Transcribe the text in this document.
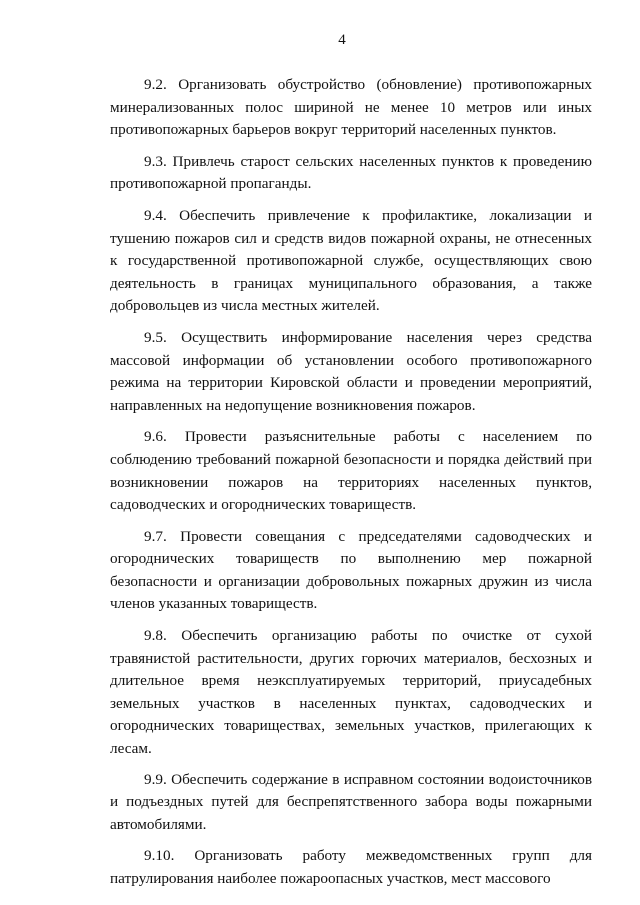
4

9.2. Организовать обустройство (обновление) противопожарных минерализованных полос шириной не менее 10 метров или иных противопожарных барьеров вокруг территорий населенных пунктов.

9.3. Привлечь старост сельских населенных пунктов к проведению противопожарной пропаганды.

9.4. Обеспечить привлечение к профилактике, локализации и тушению пожаров сил и средств видов пожарной охраны, не отнесенных к государственной противопожарной службе, осуществляющих свою деятельность в границах муниципального образования, а также добровольцев из числа местных жителей.

9.5. Осуществить информирование населения через средства массовой информации об установлении особого противопожарного режима на территории Кировской области и проведении мероприятий, направленных на недопущение возникновения пожаров.

9.6. Провести разъяснительные работы с населением по соблюдению требований пожарной безопасности и порядка действий при возникновении пожаров на территориях населенных пунктов, садоводческих и огороднических товариществ.

9.7. Провести совещания с председателями садоводческих и огороднических товариществ по выполнению мер пожарной безопасности и организации добровольных пожарных дружин из числа членов указанных товариществ.

9.8. Обеспечить организацию работы по очистке от сухой травянистой растительности, других горючих материалов, бесхозных и длительное время неэксплуатируемых территорий, приусадебных земельных участков в населенных пунктах, садоводческих и огороднических товариществах, земельных участков, прилегающих к лесам.

9.9. Обеспечить содержание в исправном состоянии водоисточников и подъездных путей для беспрепятственного забора воды пожарными автомобилями.

9.10. Организовать работу межведомственных групп для патрулирования наиболее пожароопасных участков, мест массового
